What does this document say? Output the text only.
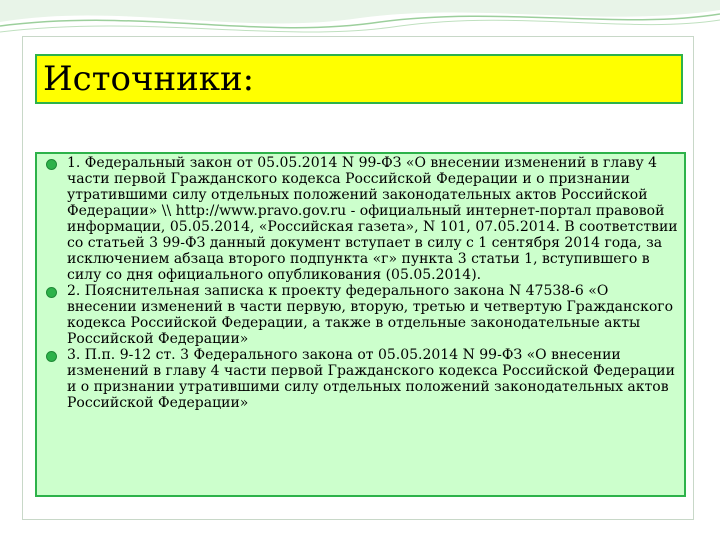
Источники:
1. Федеральный закон от 05.05.2014 N 99-ФЗ «О внесении изменений в главу 4 части первой Гражданского кодекса Российской Федерации и о признании утратившими силу отдельных положений законодательных актов Российской Федерации» \\ http://www.pravo.gov.ru - официальный интернет-портал правовой информации, 05.05.2014, «Российская газета», N 101, 07.05.2014. В соответствии со статьей 3 99-ФЗ данный документ вступает в силу с 1 сентября 2014 года, за исключением абзаца второго подпункта «г» пункта 3 статьи 1, вступившего в силу со дня официального опубликования (05.05.2014).
2. Пояснительная записка к проекту федерального закона N 47538-6 «О внесении изменений в части первую, вторую, третью и четвертую Гражданского кодекса Российской Федерации, а также в отдельные законодательные акты Российской Федерации»
3. П.п. 9-12 ст. 3 Федерального закона от 05.05.2014 N 99-ФЗ «О внесении изменений в главу 4 части первой Гражданского кодекса Российской Федерации и о признании утратившими силу отдельных положений законодательных актов Российской Федерации»
